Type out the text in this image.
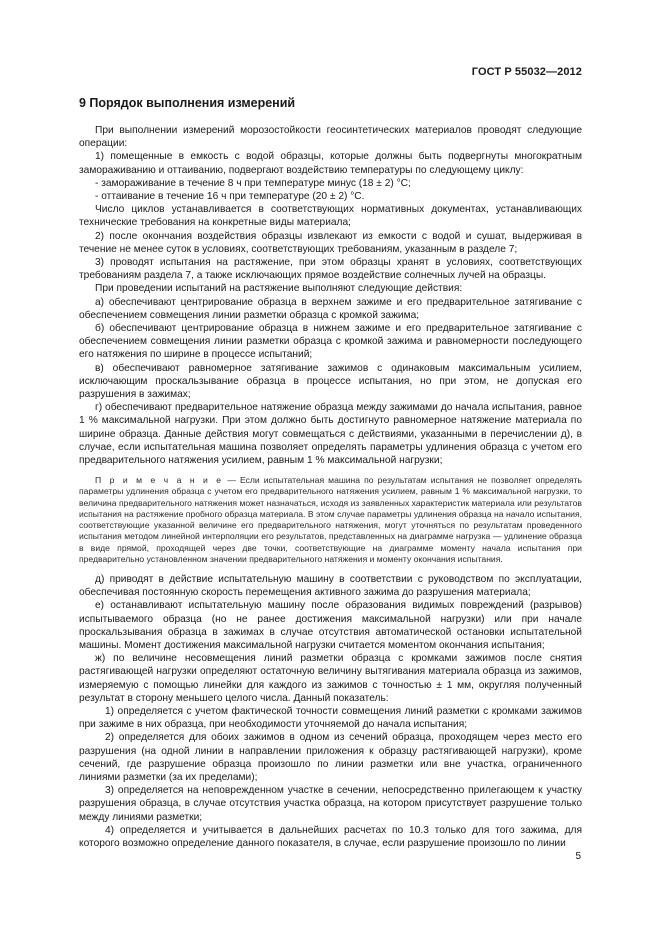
ГОСТ Р 55032—2012
9 Порядок выполнения измерений

При выполнении измерений морозостойкости геосинтетических материалов проводят следующие операции:

1) помещенные в емкость с водой образцы, которые должны быть подвергнуты многократным замораживанию и оттаиванию, подвергают воздействию температуры по следующему циклу:

- замораживание в течение 8 ч при температуре минус (18 ± 2) °С;

- оттаивание в течение 16 ч при температуре (20 ± 2) °С.

Число циклов устанавливается в соответствующих нормативных документах, устанавливающих технические требования на конкретные виды материала;

2) после окончания воздействия образцы извлекают из емкости с водой и сушат, выдерживая в течение не менее суток в условиях, соответствующих требованиям, указанным в разделе 7;

3) проводят испытания на растяжение, при этом образцы хранят в условиях, соответствующих требованиям раздела 7, а также исключающих прямое воздействие солнечных лучей на образцы.

При проведении испытаний на растяжение выполняют следующие действия:

а) обеспечивают центрирование образца в верхнем зажиме и его предварительное затягивание с обеспечением совмещения линии разметки образца с кромкой зажима;

б) обеспечивают центрирование образца в нижнем зажиме и его предварительное затягивание с обеспечением совмещения линии разметки образца с кромкой зажима и равномерности последующего его натяжения по ширине в процессе испытаний;

в) обеспечивают равномерное затягивание зажимов с одинаковым максимальным усилием, исключающим проскальзывание образца в процессе испытания, но при этом, не допуская его разрушения в зажимах;

г) обеспечивают предварительное натяжение образца между зажимами до начала испытания, равное 1 % максимальной нагрузки. При этом должно быть достигнуто равномерное натяжение материала по ширине образца. Данные действия могут совмещаться с действиями, указанными в перечислении д), в случае, если испытательная машина позволяет определять параметры удлинения образца с учетом его предварительного натяжения усилием, равным 1 % максимальной нагрузки;

П р и м е ч а н и е — Если испытательная машина по результатам испытания не позволяет определять параметры удлинения образца с учетом его предварительного натяжения усилием, равным 1 % максимальной нагрузки, то величина предварительного натяжения может назначаться, исходя из заявленных характеристик материала или результатов испытания на растяжение пробного образца материала. В этом случае параметры удлинения образца на начало испытания, соответствующие указанной величине его предварительного натяжения, могут уточняться по результатам проведенного испытания методом линейной интерполяции его результатов, представленных на диаграмме нагрузка — удлинение образца в виде прямой, проходящей через две точки, соответствующие на диаграмме моменту начала испытания при предварительно установленном значении предварительного натяжения и моменту окончания испытания.

д) приводят в действие испытательную машину в соответствии с руководством по эксплуатации, обеспечивая постоянную скорость перемещения активного зажима до разрушения материала;

е) останавливают испытательную машину после образования видимых повреждений (разрывов) испытываемого образца (но не ранее достижения максимальной нагрузки) или при начале проскальзывания образца в зажимах в случае отсутствия автоматической остановки испытательной машины. Момент достижения максимальной нагрузки считается моментом окончания испытания;

ж) по величине несовмещения линий разметки образца с кромками зажимов после снятия растягивающей нагрузки определяют остаточную величину вытягивания материала образца из зажимов, измеряемую с помощью линейки для каждого из зажимов с точностью ± 1 мм, округляя полученный результат в сторону меньшего целого числа. Данный показатель:

1) определяется с учетом фактической точности совмещения линий разметки с кромками зажимов при зажиме в них образца, при необходимости уточняемой до начала испытания;

2) определяется для обоих зажимов в одном из сечений образца, проходящем через место его разрушения (на одной линии в направлении приложения к образцу растягивающей нагрузки), кроме сечений, где разрушение образца произошло по линии разметки или вне участка, ограниченного линиями разметки (за их пределами);

3) определяется на неповрежденном участке в сечении, непосредственно прилегающем к участку разрушения образца, в случае отсутствия участка образца, на котором присутствует разрушение только между линиями разметки;

4) определяется и учитывается в дальнейших расчетах по 10.3 только для того зажима, для которого возможно определение данного показателя, в случае, если разрушение произошло по линии

5
